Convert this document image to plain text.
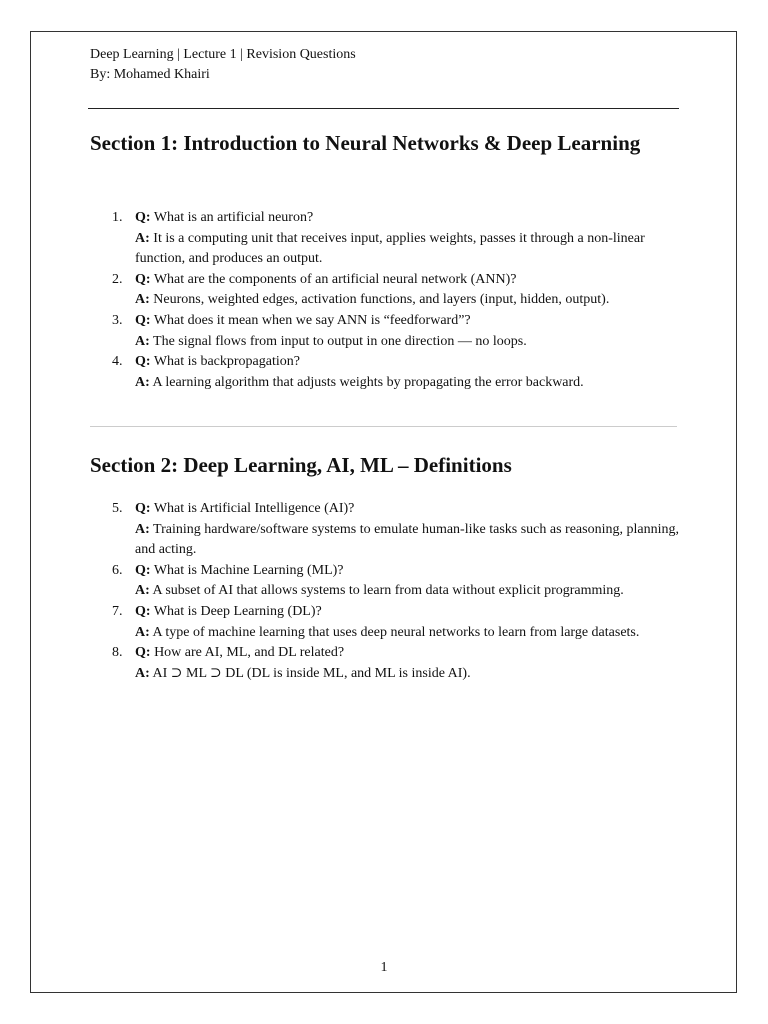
Deep Learning | Lecture 1 | Revision Questions
By: Mohamed Khairi
Section 1: Introduction to Neural Networks & Deep Learning
1. Q: What is an artificial neuron?
A: It is a computing unit that receives input, applies weights, passes it through a non-linear function, and produces an output.
2. Q: What are the components of an artificial neural network (ANN)?
A: Neurons, weighted edges, activation functions, and layers (input, hidden, output).
3. Q: What does it mean when we say ANN is “feedforward”?
A: The signal flows from input to output in one direction — no loops.
4. Q: What is backpropagation?
A: A learning algorithm that adjusts weights by propagating the error backward.
Section 2: Deep Learning, AI, ML – Definitions
5. Q: What is Artificial Intelligence (AI)?
A: Training hardware/software systems to emulate human-like tasks such as reasoning, planning, and acting.
6. Q: What is Machine Learning (ML)?
A: A subset of AI that allows systems to learn from data without explicit programming.
7. Q: What is Deep Learning (DL)?
A: A type of machine learning that uses deep neural networks to learn from large datasets.
8. Q: How are AI, ML, and DL related?
A: AI ⊃ ML ⊃ DL (DL is inside ML, and ML is inside AI).
1
